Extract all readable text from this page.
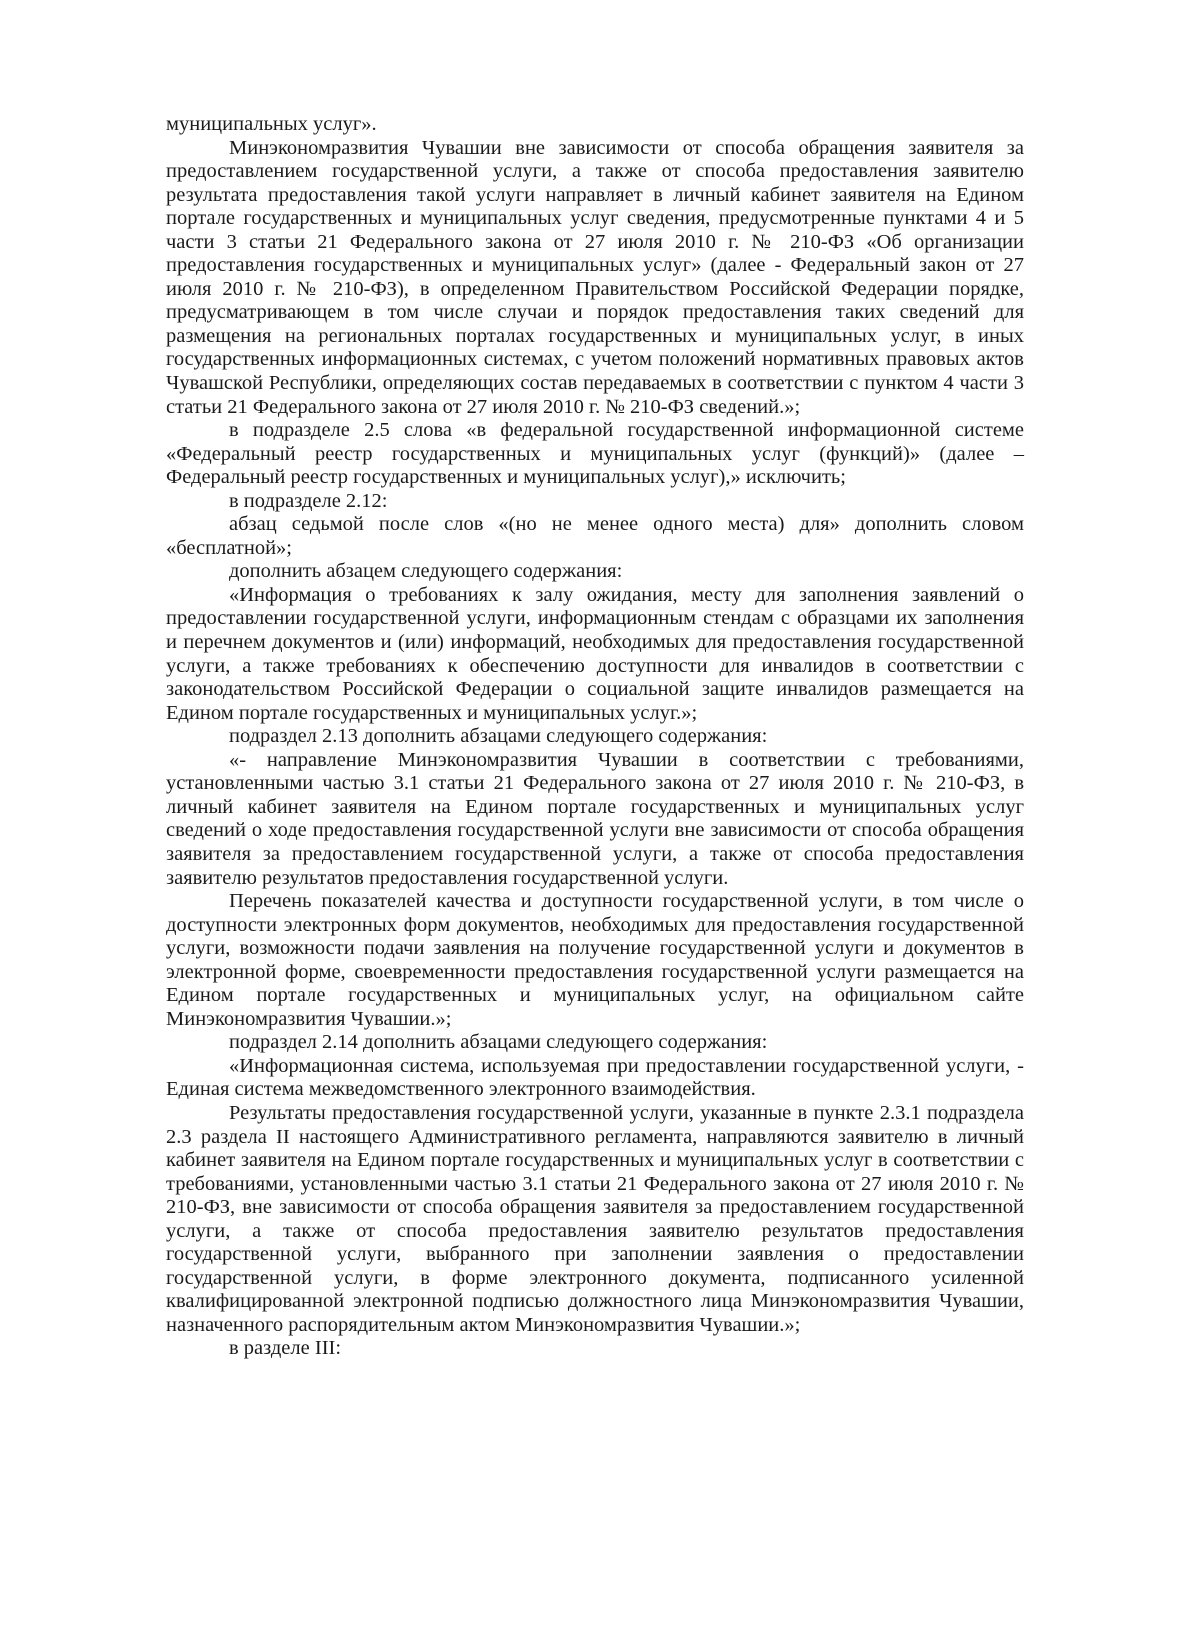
муниципальных услуг».

Минэкономразвития Чувашии вне зависимости от способа обращения заявителя за предоставлением государственной услуги, а также от способа предоставления заявителю результата предоставления такой услуги направляет в личный кабинет заявителя на Едином портале государственных и муниципальных услуг сведения, предусмотренные пунктами 4 и 5 части 3 статьи 21 Федерального закона от 27 июля 2010 г. № 210-ФЗ «Об организации предоставления государственных и муниципальных услуг» (далее - Федеральный закон от 27 июля 2010 г. № 210-ФЗ), в определенном Правительством Российской Федерации порядке, предусматривающем в том числе случаи и порядок предоставления таких сведений для размещения на региональных порталах государственных и муниципальных услуг, в иных государственных информационных системах, с учетом положений нормативных правовых актов Чувашской Республики, определяющих состав передаваемых в соответствии с пунктом 4 части 3 статьи 21 Федерального закона от 27 июля 2010 г. № 210-ФЗ сведений.»;

в подразделе 2.5 слова «в федеральной государственной информационной системе «Федеральный реестр государственных и муниципальных услуг (функций)» (далее – Федеральный реестр государственных и муниципальных услуг),» исключить;

в подразделе 2.12:

абзац седьмой после слов «(но не менее одного места) для» дополнить словом «бесплатной»;

дополнить абзацем следующего содержания:

«Информация о требованиях к залу ожидания, месту для заполнения заявлений о предоставлении государственной услуги, информационным стендам с образцами их заполнения и перечнем документов и (или) информаций, необходимых для предоставления государственной услуги, а также требованиях к обеспечению доступности для инвалидов в соответствии с законодательством Российской Федерации о социальной защите инвалидов размещается на Едином портале государственных и муниципальных услуг.»;

подраздел 2.13 дополнить абзацами следующего содержания:

«- направление Минэкономразвития Чувашии в соответствии с требованиями, установленными частью 3.1 статьи 21 Федерального закона от 27 июля 2010 г. № 210-ФЗ, в личный кабинет заявителя на Едином портале государственных и муниципальных услуг сведений о ходе предоставления государственной услуги вне зависимости от способа обращения заявителя за предоставлением государственной услуги, а также от способа предоставления заявителю результатов предоставления государственной услуги.

Перечень показателей качества и доступности государственной услуги, в том числе о доступности электронных форм документов, необходимых для предоставления государственной услуги, возможности подачи заявления на получение государственной услуги и документов в электронной форме, своевременности предоставления государственной услуги размещается на Едином портале государственных и муниципальных услуг, на официальном сайте Минэкономразвития Чувашии.»;

подраздел 2.14 дополнить абзацами следующего содержания:

«Информационная система, используемая при предоставлении государственной услуги, - Единая система межведомственного электронного взаимодействия.

Результаты предоставления государственной услуги, указанные в пункте 2.3.1 подраздела 2.3 раздела II настоящего Административного регламента, направляются заявителю в личный кабинет заявителя на Едином портале государственных и муниципальных услуг в соответствии с требованиями, установленными частью 3.1 статьи 21 Федерального закона от 27 июля 2010 г. № 210-ФЗ, вне зависимости от способа обращения заявителя за предоставлением государственной услуги, а также от способа предоставления заявителю результатов предоставления государственной услуги, выбранного при заполнении заявления о предоставлении государственной услуги, в форме электронного документа, подписанного усиленной квалифицированной электронной подписью должностного лица Минэкономразвития Чувашии, назначенного распорядительным актом Минэкономразвития Чувашии.»;

в разделе III:
